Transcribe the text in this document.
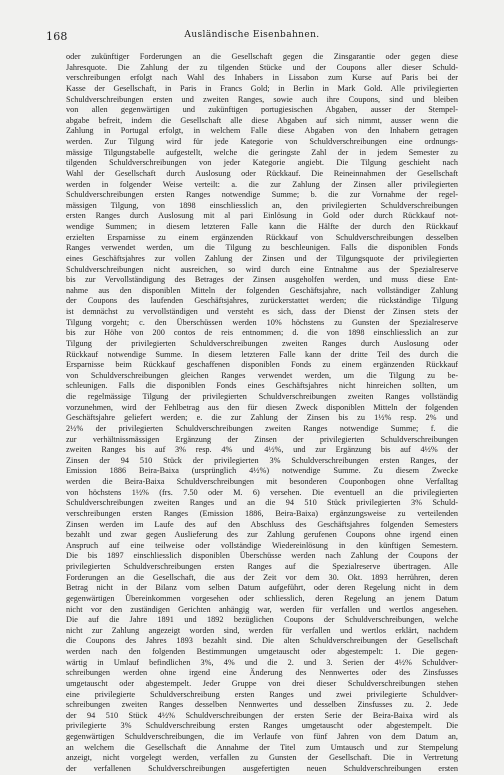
168	Ausländische Eisenbahnen.
oder zukünftiger Forderungen an die Gesellschaft gegen die Zinsgarantie oder gegen diese
Jahresquote. Die Zahlung der zu tilgenden Stücke und der Coupons aller dieser Schuld-
verschreibungen erfolgt nach Wahl des Inhabers in Lissabon zum Kurse auf Paris bei der
Kasse der Gesellschaft, in Paris in Francs Gold; in Berlin in Mark Gold. Alle privilegierten
Schuldverschreibungen ersten und zweiten Ranges, sowie auch ihre Coupons, sind und bleiben
von allen gegenwärtigen und zukünftigen portugiesischen Abgaben, ausser der Stempel-
abgabe befreit, indem die Gesellschaft alle diese Abgaben auf sich nimmt, ausser wenn die
Zahlung in Portugal erfolgt, in welchem Falle diese Abgaben von den Inhabern getragen
werden. Zur Tilgung wird für jede Kategorie von Schuldverschreibungen eine ordnungs-
mässige Tilgungstabelle aufgestellt, welche die geringste Zahl der in jedem Semester zu
tilgenden Schuldverschreibungen von jeder Kategorie angiebt. Die Tilgung geschieht nach
Wahl der Gesellschaft durch Auslosung oder Rückkauf. Die Reineinnahmen der Gesellschaft
werden in folgender Weise verteilt: a. die zur Zahlung der Zinsen aller privilegierten
Schuldverschreibungen ersten Ranges notwendige Summe; b. die zur Vornahme der regel-
mässigen Tilgung, von 1898 einschliesslich an, den privilegierten Schuldverschreibungen
ersten Ranges durch Auslosung mit al pari Einlösung in Gold oder durch Rückkauf not-
wendige Summen; in diesem letzteren Falle kann die Hälfte der durch den Rückkauf
erzielten Ersparnisse zu einem ergänzenden Rückkauf von Schuldverschreibungen desselben
Ranges verwendet werden, um die Tilgung zu beschleunigen. Falls die disponiblen Fonds
eines Geschäftsjahres zur vollen Zahlung der Zinsen und der Tilgungsquote der privilegierten
Schuldverschreibungen nicht ausreichen, so wird durch eine Entnahme aus der Spezialreserve
bis zur Vervollständigung des Betrages der Zinsen ausgeholfen werden, und muss diese Ent-
nahme aus den disponiblen Mitteln der folgenden Geschäftsjahre, nach vollständiger Zahlung
der Coupons des laufenden Geschäftsjahres, zurückerstattet werden; die rückständige Tilgung
ist demnächst zu vervollständigen und versteht es sich, dass der Dienst der Zinsen stets der
Tilgung vorgeht; c. den Überschüssen werden 10% höchstens zu Gunsten der Spezialreserve
bis zur Höhe von 200 contos de reis entnommen; d. die von 1898 einschliesslich an zur
Tilgung der privilegierten Schuldverschreibungen zweiten Ranges durch Auslosung oder
Rückkauf notwendige Summe. In diesem letzteren Falle kann der dritte Teil des durch die
Ersparnisse beim Rückkauf geschaffenen disponiblen Fonds zu einem ergänzenden Rückkauf
von Schuldverschreibungen gleichen Ranges verwendet werden, um die Tilgung zu be-
schleunigen. Falls die disponiblen Fonds eines Geschäftsjahres nicht hinreichen sollten, um
die regelmässige Tilgung der privilegierten Schuldverschreibungen zweiten Ranges vollständig
vorzunehmen, wird der Fehlbetrag aus den für diesen Zweck disponiblen Mitteln der folgenden
Geschäftsjahre geliefert werden; e. die zur Zahlung der Zinsen bis zu 1½% resp. 2% und
2½% der privilegierten Schuldverschreibungen zweiten Ranges notwendige Summe; f. die
zur verhältnissmässigen Ergänzung der Zinsen der privilegierten Schuldverschreibungen
zweiten Ranges bis auf 3% resp. 4% und 4½%, und zur Ergänzung bis auf 4½% der
Zinsen der 94 510 Stück der privilegierten 3% Schuldverschreibungen ersten Ranges, der
Emission 1886 Beira-Baixa (ursprünglich 4½%) notwendige Summe. Zu diesem Zwecke
werden die Beira-Baixa Schuldverschreibungen mit besonderen Couponbogen ohne Verfalltag
von höchstens 1½% (frs. 7.50 oder M. 6) versehen. Die eventuell an die privilegierten
Schuldverschreibungen zweiten Ranges und an die 94 510 Stück privilegierten 3% Schuld-
verschreibungen ersten Ranges (Emission 1886, Beira-Baixa) ergänzungsweise zu verteilenden
Zinsen werden im Laufe des auf den Abschluss des Geschäftsjahres folgenden Semesters
bezahlt und zwar gegen Auslieferung des zur Zahlung gerufenen Coupons ohne irgend einen
Anspruch auf eine teilweise oder vollständige Wiedereinlösung in den künftigen Semestern.
Die bis 1897 einschliesslich disponiblen Überschüsse werden nach Zahlung der Coupons der
privilegierten Schuldverschreibungen ersten Ranges auf die Spezialreserve übertragen. Alle
Forderungen an die Gesellschaft, die aus der Zeit vor dem 30. Okt. 1893 herrühren, deren
Betrag nicht in der Bilanz vom selben Datum aufgeführt, oder deren Regelung nicht in dem
gegenwärtigen Übereinkommen vorgesehen oder schliesslich, deren Regelung an jenem Datum
nicht vor den zuständigen Gerichten anhängig war, werden für verfallen und wertlos angesehen.
Die auf die Jahre 1891 und 1892 bezüglichen Coupons der Schuldverschreibungen, welche
nicht zur Zahlung angezeigt worden sind, werden für verfallen und wertlos erklärt, nachdem
die Coupons des Jahres 1893 bezahlt sind. Die alten Schuldverschreibungen der Gesellschaft
werden nach den folgenden Bestimmungen umgetauscht oder abgestempelt: 1. Die gegen-
wärtig in Umlauf befindlichen 3%, 4% und die 2. und 3. Serien der 4½% Schuldver-
schreibungen werden ohne irgend eine Änderung des Nennwertes oder des Zinsfusses
umgetauscht oder abgestempelt. Jeder Gruppe von drei dieser Schuldverschreibungen stehen
eine privilegierte Schuldverschreibung ersten Ranges und zwei privilegierte Schuldver-
schreibungen zweiten Ranges desselben Nennwertes und desselben Zinsfusses zu. 2. Jede
der 94 510 Stück 4½% Schuldverschreibungen der ersten Serie der Beira-Baixa wird als
privilegierte 3% Schuldverschreibung ersten Ranges umgetauscht oder abgestempelt. Die
gegenwärtigen Schuldverschreibungen, die im Verlaufe von fünf Jahren von dem Datum an,
an welchem die Gesellschaft die Annahme der Titel zum Umtausch und zur Stempelung
anzeigt, nicht vorgelegt werden, verfallen zu Gunsten der Gesellschaft. Die in Vertretung
der verfallenen Schuldverschreibungen ausgefertigten neuen Schuldverschreibungen ersten
